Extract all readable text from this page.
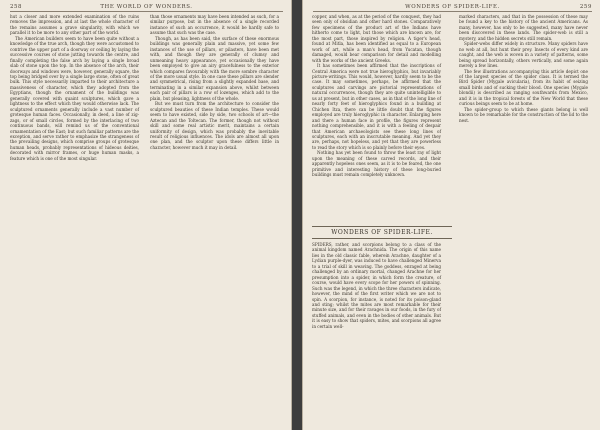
258	THE WORLD OF WONDERS.

hut a closer and more extended examination of the ruins removes the impression, and at last the whole character of the remains assumes a grave singularity, with which we parallel it to be more to any other part of the world.

The American builders seem to have been quite without a knowledge of the true arch, though they were accustomed to contrive the upper part of a doorway or ceiling by laying the successive courses of stone jutting towards the centre, and finally completing the false arch by laying a single broad slab of stone upon the top. In the absence of the arch, their doorways and windows were, however, generally square, the top being bridged over by a single large stone, often of great bulk. This style necessarily imparted to their architecture a massiveness of character, which they adopted from the Egyptians, though the ornament of the buildings was generally covered with quaint sculptures, which gave a lightness to the effect which they would otherwise lack. The sculptured ornaments generally include a vast number of grotesque human faces. Occasionally, in deed, a line of zig-zags, or of small circles, formed by the interlacing of two continuous bands, will remind us of the conventional ornamentation of the East; but such familiar patterns are the exception, and serve rather to emphasize the strangeness of the prevailing designs, which comprise groups of grotesque human heads, probably representations of hideous deities, decorated with mirror frames, or huge human masks, a feature which is one of the most singular.

than those ornaments may have been intended as such, for a similar purpose, but in the absence of a single recorded instance of such an occurrence, it would be hardly safe to assume that such was the case.

Though, as has been said, the surface of these enormous buildings was generally plain and massive, yet some few instances of the use of pillars, or pilasters, have been met with, and though they are generally of clumsy and unmeaning heavy appearance, yet occasionally they have been employed to give an airy gracefulness to the exterior which compares favourably with the more sombre character of the more usual style. In one case these pillars are slender and symmetrical, rising from a slightly expanded base, and terminating in a similar expansion above, whilst between each pair of pillars is a row of lozenges, which add to the plain, but pleasing, lightness of the whole.

But we must turn from the architecture to consider the sculptured beauties of these Indian temples. These would seem to have existed, side by side, two schools of art—the Aztecan and the Toltecan. The former, though not without skill and some real artistic merit, maintains a certain uniformity of design, which was probably the inevitable result of religious influences. The idols are almost all upon one plan, and the sculptor upon these differs little in character, however much it may in detail.

WONDERS OF SPIDER-LIFE.	259

copper, and when, as at the period of the conquest, they had seen only of obsidian and other hard stones. Comparatively few specimens of the product art of the Indians have hitherto come to light, but those which are known are, for the most part, those inspired by religion. A tiger's head, found at Mitla, has been identified as equal to a European work of art, while a man's head, from Yucatan, though damaged, would bear comparison for detail and modelling with the works of the ancient Greeks.

It has sometimes been affirmed that the inscriptions of Central America were not true hieroglyphics, but invariably picture-writings. This would, however, hardly seem to be the case. It may sometimes, perhaps, be affirmed that the sculptures and carvings are pictorial representations of natural occurrences, though they are quite unintelligible to us at present, but in other cases, as in that of the long line of nearly forty feet of hieroglyphics found in a building at Chichen Itza, there can be little doubt that the figures employed are truly hieroglyphic in character. Enlarging here and there a human face in profile, the figures represent nothing comprehensible, and it is with a feeling of despair that American archaeologists see these long lines of sculptures, each with an inscrutable meaning. And yet they are, perhaps, not hopeless, and yet that they are powerless to read the story which is so plainly before their eyes.

Nothing has yet been found to throw the least ray of light upon the meaning of these carved records, and their apparently hopeless ones seem, as it is to be feared, the one primitive and interesting history of these long-buried buildings must remain completely unknown.

marked characters, and that in the possession of these may be found a key to the history of the ancient Americans. As many, however, has only to be suggested, many have never been discovered in these lands. The spider-web is still a mystery, and the hidden secrets still remain.

Spider-webs differ widely in structure. Many spiders have no web at all, but hunt their prey. Insects of every kind are caught, and the web is woven in a variety of patterns, some being spread horizontally, others vertically, and some again merely a few lines.

The few illustrations accompanying this article depict one of the largest species of the spider class. It is termed the Bird Spider (Mygale avicularia), from its habit of seizing small birds and of sucking their blood. One species (Mygale blondii) is described as ranging southwards from Mexico, and it is in the tropical forests of the New World that these curious beings seem to be at home.

The spider-group to which these giants belong is well known to be remarkable for the construction of the lid to the nest.

WONDERS OF SPIDER-LIFE.

SPIDERS, rather, and scorpions belong to a class of the animal kingdom named Arachnida. The origin of this name lies in the old classic fable, wherein Arachne, daughter of a Lydian purple-dyer, was induced to have challenged Minerva to a trial of skill in weaving. The goddess, enraged at being challenged by an ordinary mortal, changed Arachne for her presumption into a spider, in which form the creature, of course, would have every scope for her powers of spinning. Such was the legend, in which the three characters indicate, however, the mind of the first writer which we are not to spin. A scorpion, for instance, is noted for its poison-gland and sting; whilst the mites are most remarkable for their minute size, and for their ravages in our foods, in the fury of stuffed animals, and even in the bodies of other animals. But it is easy to show that spiders, mites, and scorpions all agree in certain well-
